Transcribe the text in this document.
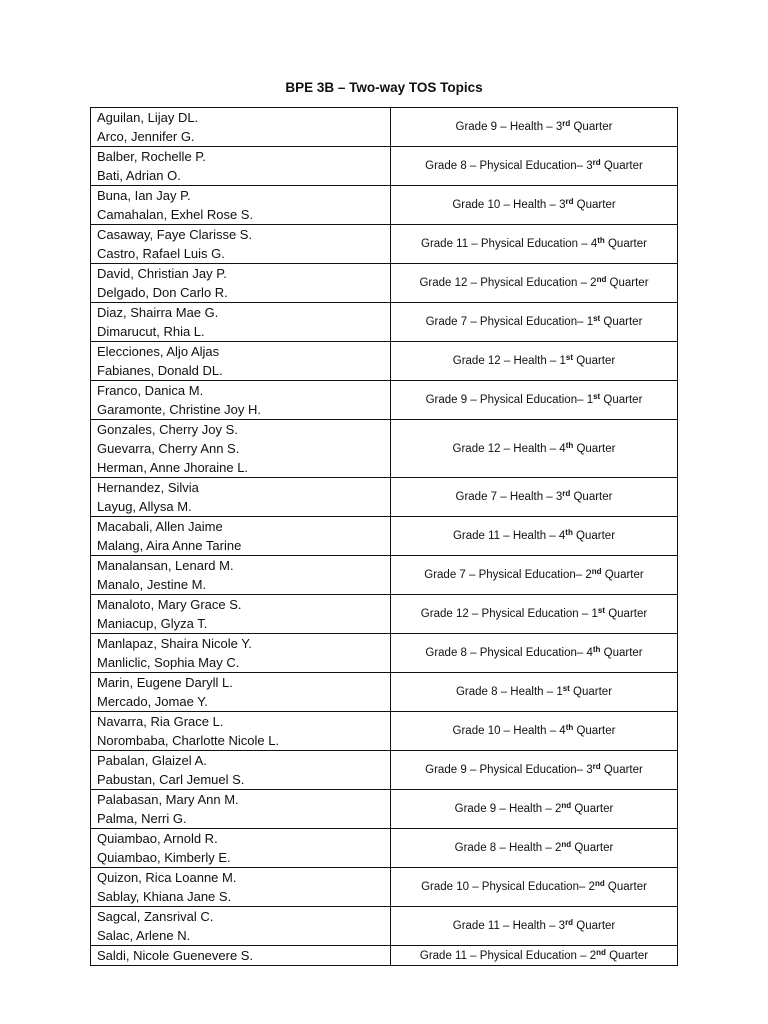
BPE 3B – Two-way TOS Topics
Aguilan, Lijay DL.
Arco, Jennifer G.	Grade 9 – Health – 3rd Quarter

Balber, Rochelle P.
Bati, Adrian O.	Grade 8 – Physical Education– 3rd Quarter

Buna, Ian Jay P.
Camahalan, Exhel Rose S.	Grade 10 – Health – 3rd Quarter

Casaway, Faye Clarisse S.
Castro, Rafael Luis G.	Grade 11 – Physical Education – 4th Quarter

David, Christian Jay P.
Delgado, Don Carlo R.	Grade 12 – Physical Education – 2nd Quarter

Diaz, Shairra Mae G.
Dimarucut, Rhia L.	Grade 7 – Physical Education– 1st Quarter

Elecciones, Aljo Aljas
Fabianes, Donald DL.	Grade 12 – Health – 1st Quarter

Franco, Danica M.
Garamonte, Christine Joy H.	Grade 9 – Physical Education– 1st Quarter

Gonzales, Cherry Joy S.
Guevarra, Cherry Ann S.
Herman, Anne Jhoraine L.	Grade 12 – Health – 4th Quarter

Hernandez, Silvia
Layug, Allysa M.	Grade 7 – Health – 3rd Quarter

Macabali, Allen Jaime
Malang, Aira Anne Tarine	Grade 11 – Health – 4th Quarter

Manalansan, Lenard M.
Manalo, Jestine M.	Grade 7 – Physical Education– 2nd Quarter

Manaloto, Mary Grace S.
Maniacup, Glyza T.	Grade 12 – Physical Education – 1st Quarter

Manlapaz, Shaira Nicole Y.
Manliclic, Sophia May C.	Grade 8 – Physical Education– 4th Quarter

Marin, Eugene Daryll L.
Mercado, Jomae Y.	Grade 8 – Health – 1st Quarter

Navarra, Ria Grace L.
Norombaba, Charlotte Nicole L.	Grade 10 – Health – 4th Quarter

Pabalan, Glaizel A.
Pabustan, Carl Jemuel S.	Grade 9 – Physical Education– 3rd Quarter

Palabasan, Mary Ann M.
Palma, Nerri G.	Grade 9 – Health – 2nd Quarter

Quiambao, Arnold R.
Quiambao, Kimberly E.	Grade 8 – Health – 2nd Quarter

Quizon, Rica Loanne M.
Sablay, Khiana Jane S.	Grade 10 – Physical Education– 2nd Quarter

Sagcal, Zansrival C.
Salac, Arlene N.	Grade 11 – Health – 3rd Quarter

Saldi, Nicole Guenevere S.	Grade 11 – Physical Education – 2nd Quarter
